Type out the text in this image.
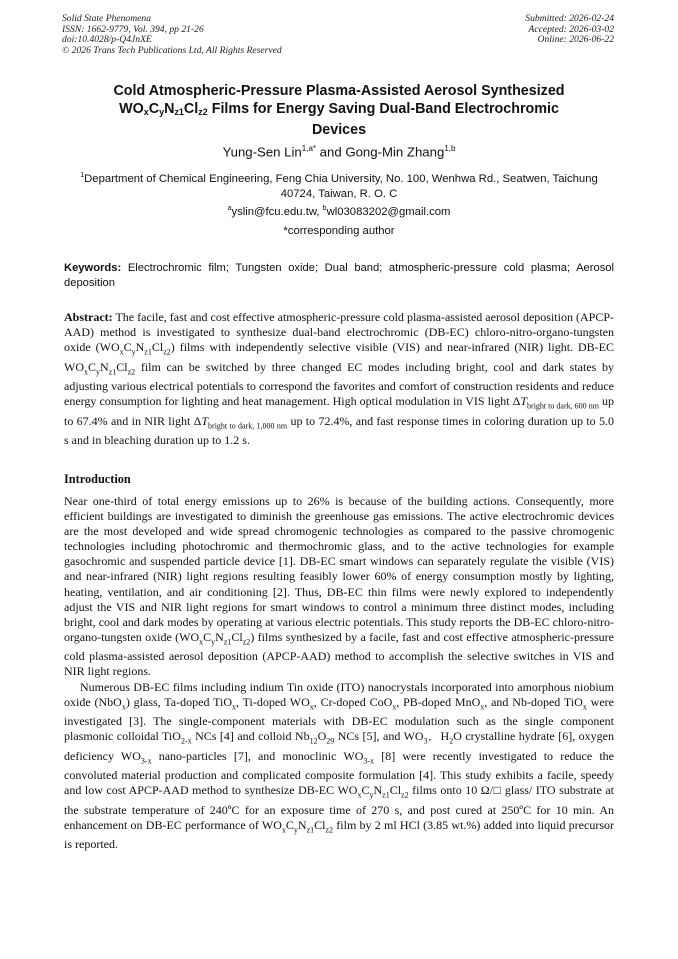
Solid State Phenomena
ISSN: 1662-9779, Vol. 394, pp 21-26
doi:10.4028/p-Q4JnXE
© 2026 Trans Tech Publications Ltd, All Rights Reserved
Submitted: 2026-02-24
Accepted: 2026-03-02
Online: 2026-06-22
Cold Atmospheric-Pressure Plasma-Assisted Aerosol Synthesized
$WO_xC_yN_{z1}Cl_{z2}$ Films for Energy Saving Dual-Band Electrochromic
Devices
Yung-Sen Lin$^{1,a*}$ and Gong-Min Zhang$^{1,b}$
$^1$Department of Chemical Engineering, Feng Chia University, No. 100, Wenhwa Rd., Seatwen, Taichung 40724, Taiwan, R. O. C
$^a$yslin@fcu.edu.tw, $^b$wl03083202@gmail.com
*corresponding author
Keywords: Electrochromic film; Tungsten oxide; Dual band; atmospheric-pressure cold plasma; Aerosol deposition
Abstract: The facile, fast and cost effective atmospheric-pressure cold plasma-assisted aerosol deposition (APCP-AAD) method is investigated to synthesize dual-band electrochromic (DB-EC) chloro-nitro-organo-tungsten oxide $(WO_xC_yN_{z1}Cl_{z2})$ films with independently selective visible (VIS) and near-infrared (NIR) light. DB-EC $WO_xC_yN_{z1}Cl_{z2}$ film can be switched by three changed EC modes including bright, cool and dark states by adjusting various electrical potentials to correspond the favorites and comfort of construction residents and reduce energy consumption for lighting and heat management. High optical modulation in VIS light $\Delta T_{bright to dark, 600 nm}$ up to 67.4% and in NIR light $\Delta T_{bright to dark, 1,000 nm}$ up to 72.4%, and fast response times in coloring duration up to 5.0 s and in bleaching duration up to 1.2 s.
Introduction

Near one-third of total energy emissions up to 26% is because of the building actions. Consequently, more efficient buildings are investigated to diminish the greenhouse gas emissions. The active electrochromic devices are the most developed and wide spread chromogenic technologies as compared to the passive chromogenic technologies including photochromic and thermochromic glass, and to the active technologies for example gasochromic and suspended particle device [1]. DB-EC smart windows can separately regulate the visible (VIS) and near-infrared (NIR) light regions resulting feasibly lower 60% of energy consumption mostly by lighting, heating, ventilation, and air conditioning [2]. Thus, DB-EC thin films were newly explored to independently adjust the VIS and NIR light regions for smart windows to control a minimum three distinct modes, including bright, cool and dark modes by operating at various electric potentials. This study reports the DB-EC chloro-nitro-organo-tungsten oxide $(WO_xC_yN_{z1}Cl_{z2})$ films synthesized by a facile, fast and cost effective atmospheric-pressure cold plasma-assisted aerosol deposition (APCP-AAD) method to accomplish the selective switches in VIS and NIR light regions.

Numerous DB-EC films including indium Tin oxide (ITO) nanocrystals incorporated into amorphous niobium oxide (NbO$_x$) glass, Ta-doped TiO$_x$, Ti-doped $WO_x$, Cr-doped CoO$_x$, PB-doped MnO$_x$, and Nb-doped TiO$_x$ were investigated [3]. The single-component materials with DB-EC modulation such as the single component plasmonic colloidal TiO$_{2-x}$ NCs [4] and colloid $Nb_{12}O_{29}$ NCs [5], and $WO_3$．$H_2O$ crystalline hydrate [6], oxygen deficiency $WO_{3-x}$ nano-particles [7], and monoclinic $WO_{3-x}$ [8] were recently investigated to reduce the convoluted material production and complicated composite formulation [4]. This study exhibits a facile, speedy and low cost APCP-AAD method to synthesize DB-EC $WO_xC_yN_{z1}Cl_{z2}$ films onto 10 Ω/□ glass/ ITO substrate at the substrate temperature of 240ºC for an exposure time of 270 s, and post cured at 250ºC for 10 min. An enhancement on DB-EC performance of $WO_xC_yN_{z1}Cl_{z2}$ film by 2 ml HCl (3.85 wt.%) added into liquid precursor is reported.
